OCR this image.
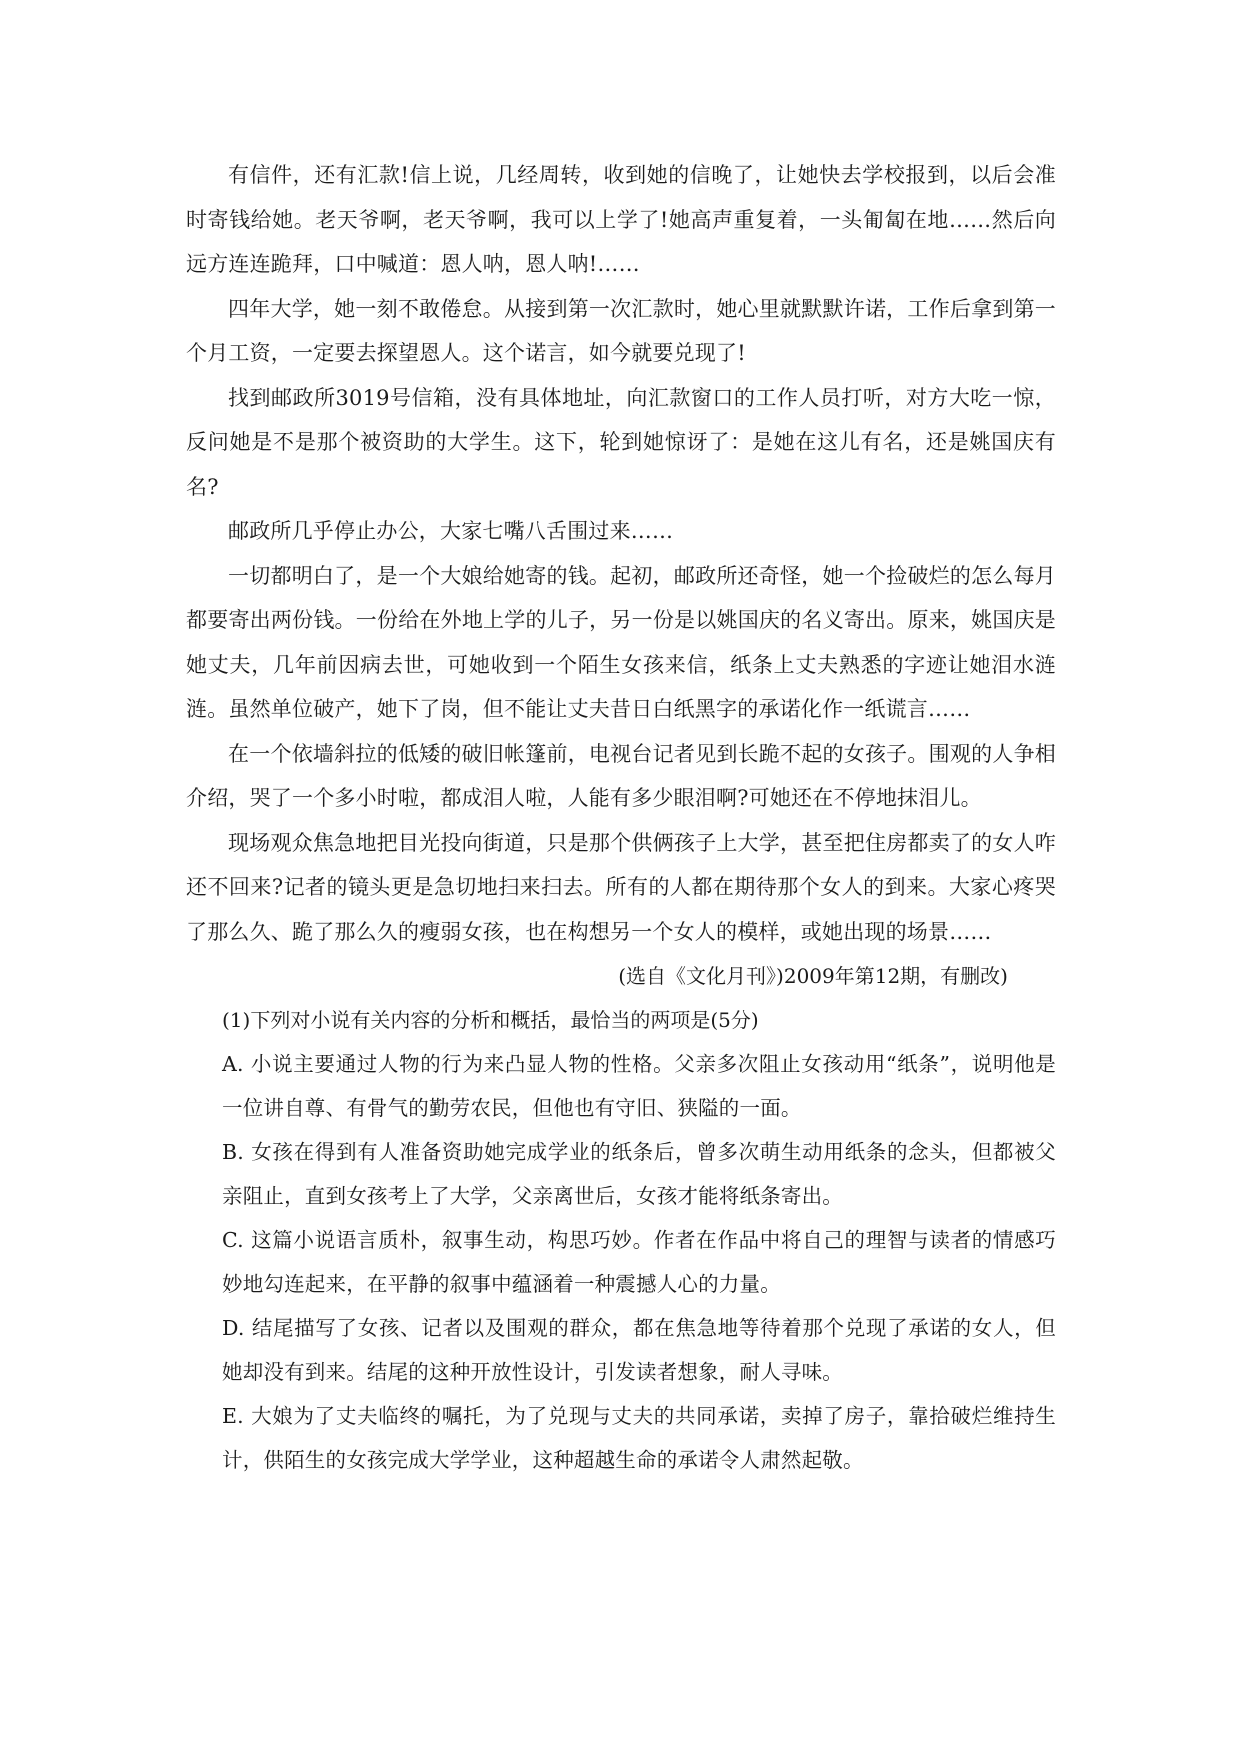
有信件，还有汇款!信上说，几经周转，收到她的信晚了，让她快去学校报到，以后会准时寄钱给她。老天爷啊，老天爷啊，我可以上学了!她高声重复着，一头匍匐在地……然后向远方连连跪拜，口中喊道：恩人呐，恩人呐!……

四年大学，她一刻不敢倦怠。从接到第一次汇款时，她心里就默默许诺，工作后拿到第一个月工资，一定要去探望恩人。这个诺言，如今就要兑现了!

找到邮政所3019号信箱，没有具体地址，向汇款窗口的工作人员打听，对方大吃一惊，反问她是不是那个被资助的大学生。这下，轮到她惊讶了：是她在这儿有名，还是姚国庆有名?

邮政所几乎停止办公，大家七嘴八舌围过来……

一切都明白了，是一个大娘给她寄的钱。起初，邮政所还奇怪，她一个捡破烂的怎么每月都要寄出两份钱。一份给在外地上学的儿子，另一份是以姚国庆的名义寄出。原来，姚国庆是她丈夫，几年前因病去世，可她收到一个陌生女孩来信，纸条上丈夫熟悉的字迹让她泪水涟涟。虽然单位破产，她下了岗，但不能让丈夫昔日白纸黑字的承诺化作一纸谎言……

在一个依墙斜拉的低矮的破旧帐篷前，电视台记者见到长跪不起的女孩子。围观的人争相介绍，哭了一个多小时啦，都成泪人啦，人能有多少眼泪啊?可她还在不停地抹泪儿。

现场观众焦急地把目光投向街道，只是那个供俩孩子上大学，甚至把住房都卖了的女人咋还不回来?记者的镜头更是急切地扫来扫去。所有的人都在期待那个女人的到来。大家心疼哭了那么久、跪了那么久的瘦弱女孩，也在构想另一个女人的模样，或她出现的场景……

(选自《文化月刊》)2009年第12期，有删改)

(1)下列对小说有关内容的分析和概括，最恰当的两项是(5分)

A. 小说主要通过人物的行为来凸显人物的性格。父亲多次阻止女孩动用“纸条”，说明他是一位讲自尊、有骨气的勤劳农民，但他也有守旧、狭隘的一面。

B. 女孩在得到有人准备资助她完成学业的纸条后，曾多次萌生动用纸条的念头，但都被父亲阻止，直到女孩考上了大学，父亲离世后，女孩才能将纸条寄出。

C. 这篇小说语言质朴，叙事生动，构思巧妙。作者在作品中将自己的理智与读者的情感巧妙地勾连起来，在平静的叙事中蕴涵着一种震撼人心的力量。

D. 结尾描写了女孩、记者以及围观的群众，都在焦急地等待着那个兑现了承诺的女人，但她却没有到来。结尾的这种开放性设计，引发读者想象，耐人寻味。

E. 大娘为了丈夫临终的嘱托，为了兑现与丈夫的共同承诺，卖掉了房子，靠拾破烂维持生计，供陌生的女孩完成大学学业，这种超越生命的承诺令人肃然起敬。
